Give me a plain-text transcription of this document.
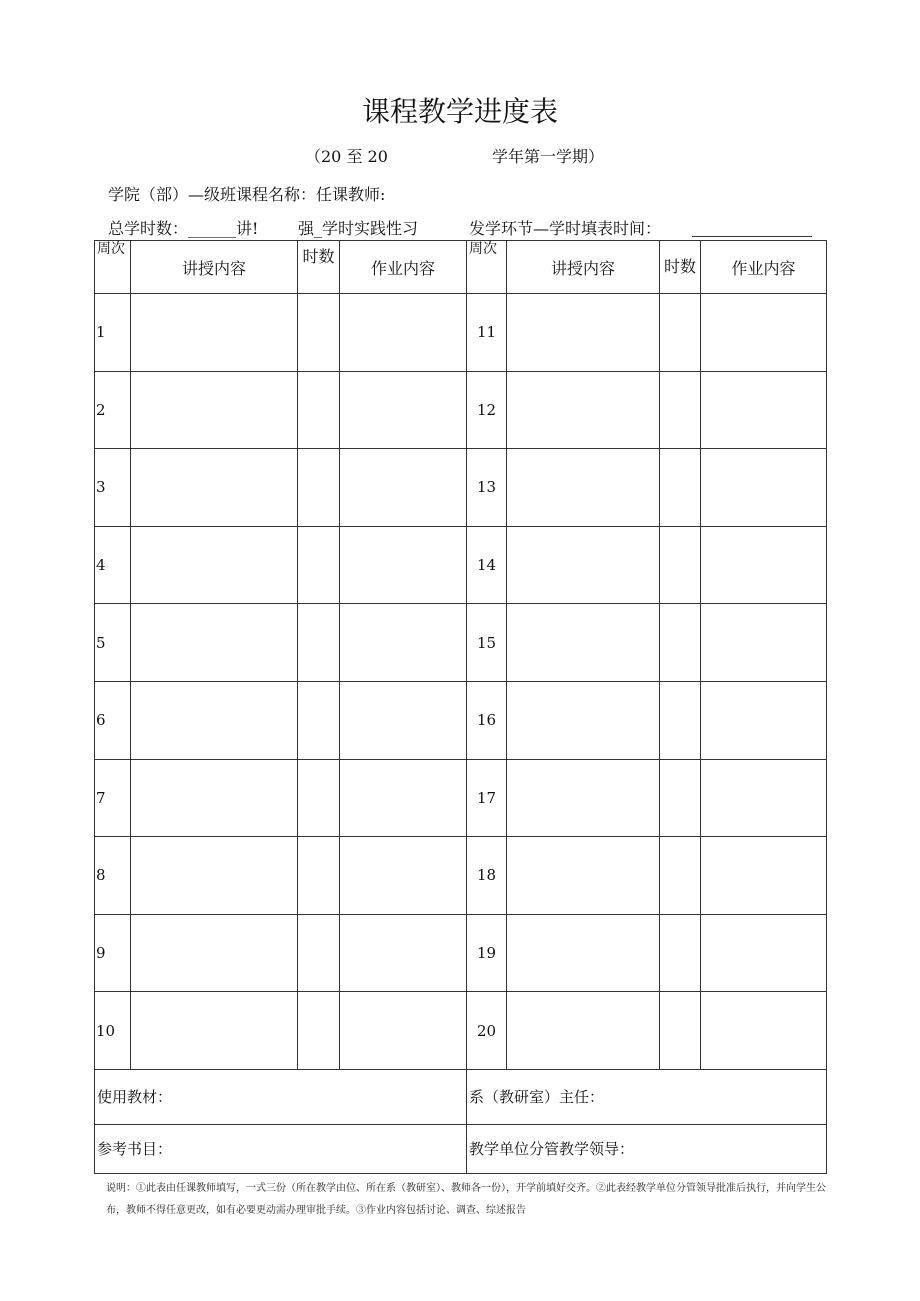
课程教学进度表
（20 至 20	学年第一学期）
学院（部）—级班课程名称：任课教师:
总学时数：______讲! 强_学时实践性习	发学环节—学时填表时间：
周次	讲授内容	时数	作业内容	周次	讲授内容	时数	作业内容
1				11			
2				12			
3				13			
4				14			
5				15			
6				16			
7				17			
8				18			
9				19			
10				20			
使用教材：				系（教研室）主任：			
参考书目：				教学单位分管教学领导：			
说明：①此表由任课教师填写，一式三份（所在教学由位、所在系（教研室）、教师各一份），开学前填好交齐。②此表经教学单位分管领导批准后执行，并向学生公布，教师不得任意更改，如有必要更动需办理审批手续。③作业内容包括讨论、调查、综述报告
